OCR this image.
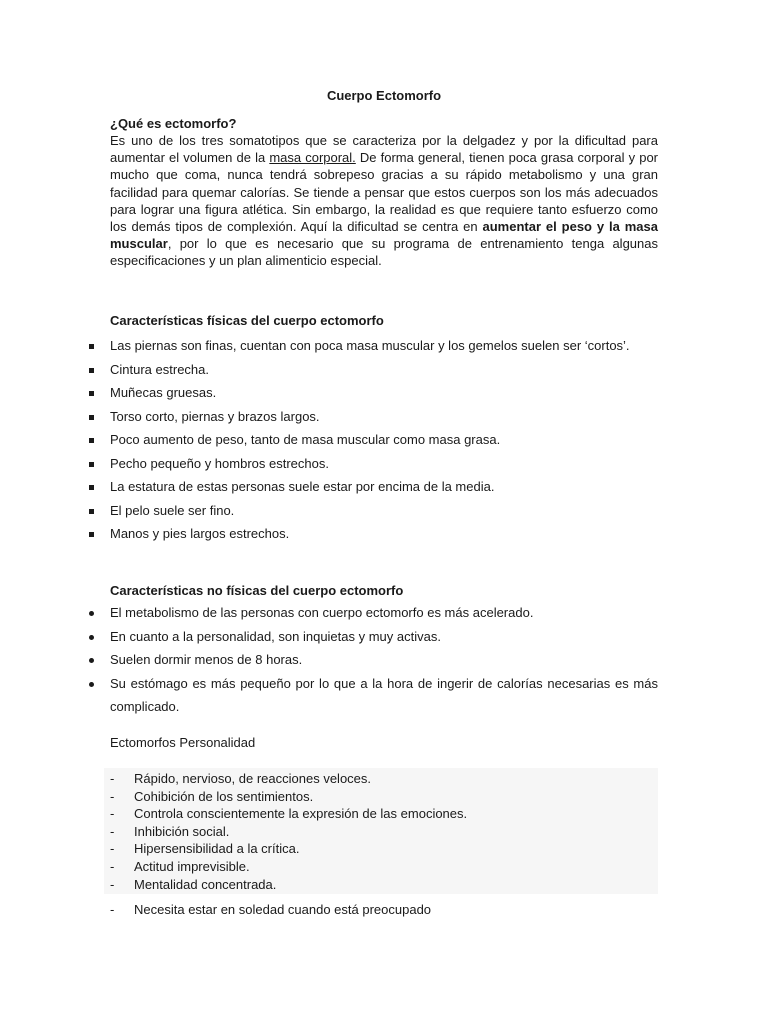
Cuerpo Ectomorfo
¿Qué es ectomorfo?
Es uno de los tres somatotipos que se caracteriza por la delgadez y por la dificultad para aumentar el volumen de la masa corporal. De forma general, tienen poca grasa corporal y por mucho que coma, nunca tendrá sobrepeso gracias a su rápido metabolismo y una gran facilidad para quemar calorías. Se tiende a pensar que estos cuerpos son los más adecuados para lograr una figura atlética. Sin embargo, la realidad es que requiere tanto esfuerzo como los demás tipos de complexión. Aquí la dificultad se centra en aumentar el peso y la masa muscular, por lo que es necesario que su programa de entrenamiento tenga algunas especificaciones y un plan alimenticio especial.
Características físicas del cuerpo ectomorfo
Las piernas son finas, cuentan con poca masa muscular y los gemelos suelen ser ‘cortos’.
Cintura estrecha.
Muñecas gruesas.
Torso corto, piernas y brazos largos.
Poco aumento de peso, tanto de masa muscular como masa grasa.
Pecho pequeño y hombros estrechos.
La estatura de estas personas suele estar por encima de la media.
El pelo suele ser fino.
Manos y pies largos estrechos.
Características no físicas del cuerpo ectomorfo
El metabolismo de las personas con cuerpo ectomorfo es más acelerado.
En cuanto a la personalidad, son inquietas y muy activas.
Suelen dormir menos de 8 horas.
Su estómago es más pequeño por lo que a la hora de ingerir de calorías necesarias es más complicado.
Ectomorfos Personalidad
- Rápido, nervioso, de reacciones veloces.
- Cohibición de los sentimientos.
- Controla conscientemente la expresión de las emociones.
- Inhibición social.
- Hipersensibilidad a la crítica.
- Actitud imprevisible.
- Mentalidad concentrada.
- Necesita estar en soledad cuando está preocupado
